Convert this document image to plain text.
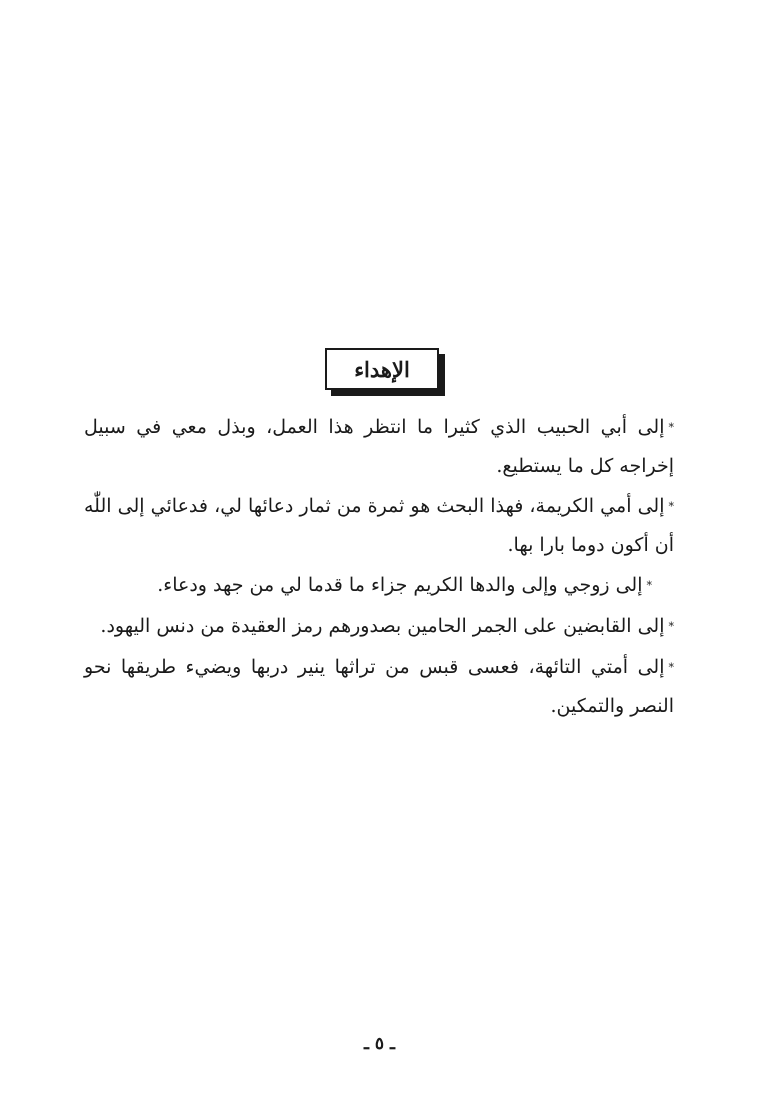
الإهداء

*إلى أبي الحبيب الذي كثيرا ما انتظر هذا العمل، وبذل معي في سبيل إخراجه كل ما يستطيع.

*إلى أمي الكريمة، فهذا البحث هو ثمرة من ثمار دعائها لي، فدعائي إلى اللّٰه أن أكون دوما بارا بها.

*إلى زوجي وإلى والدها الكريم جزاء ما قدما لي من جهد ودعاء.

*إلى القابضين على الجمر الحامين بصدورهم رمز العقيدة من دنس اليهود.

*إلى أمتي التائهة، فعسى قبس من تراثها ينير دربها ويضيء طريقها نحو النصر والتمكين.

ـ ٥ ـ
